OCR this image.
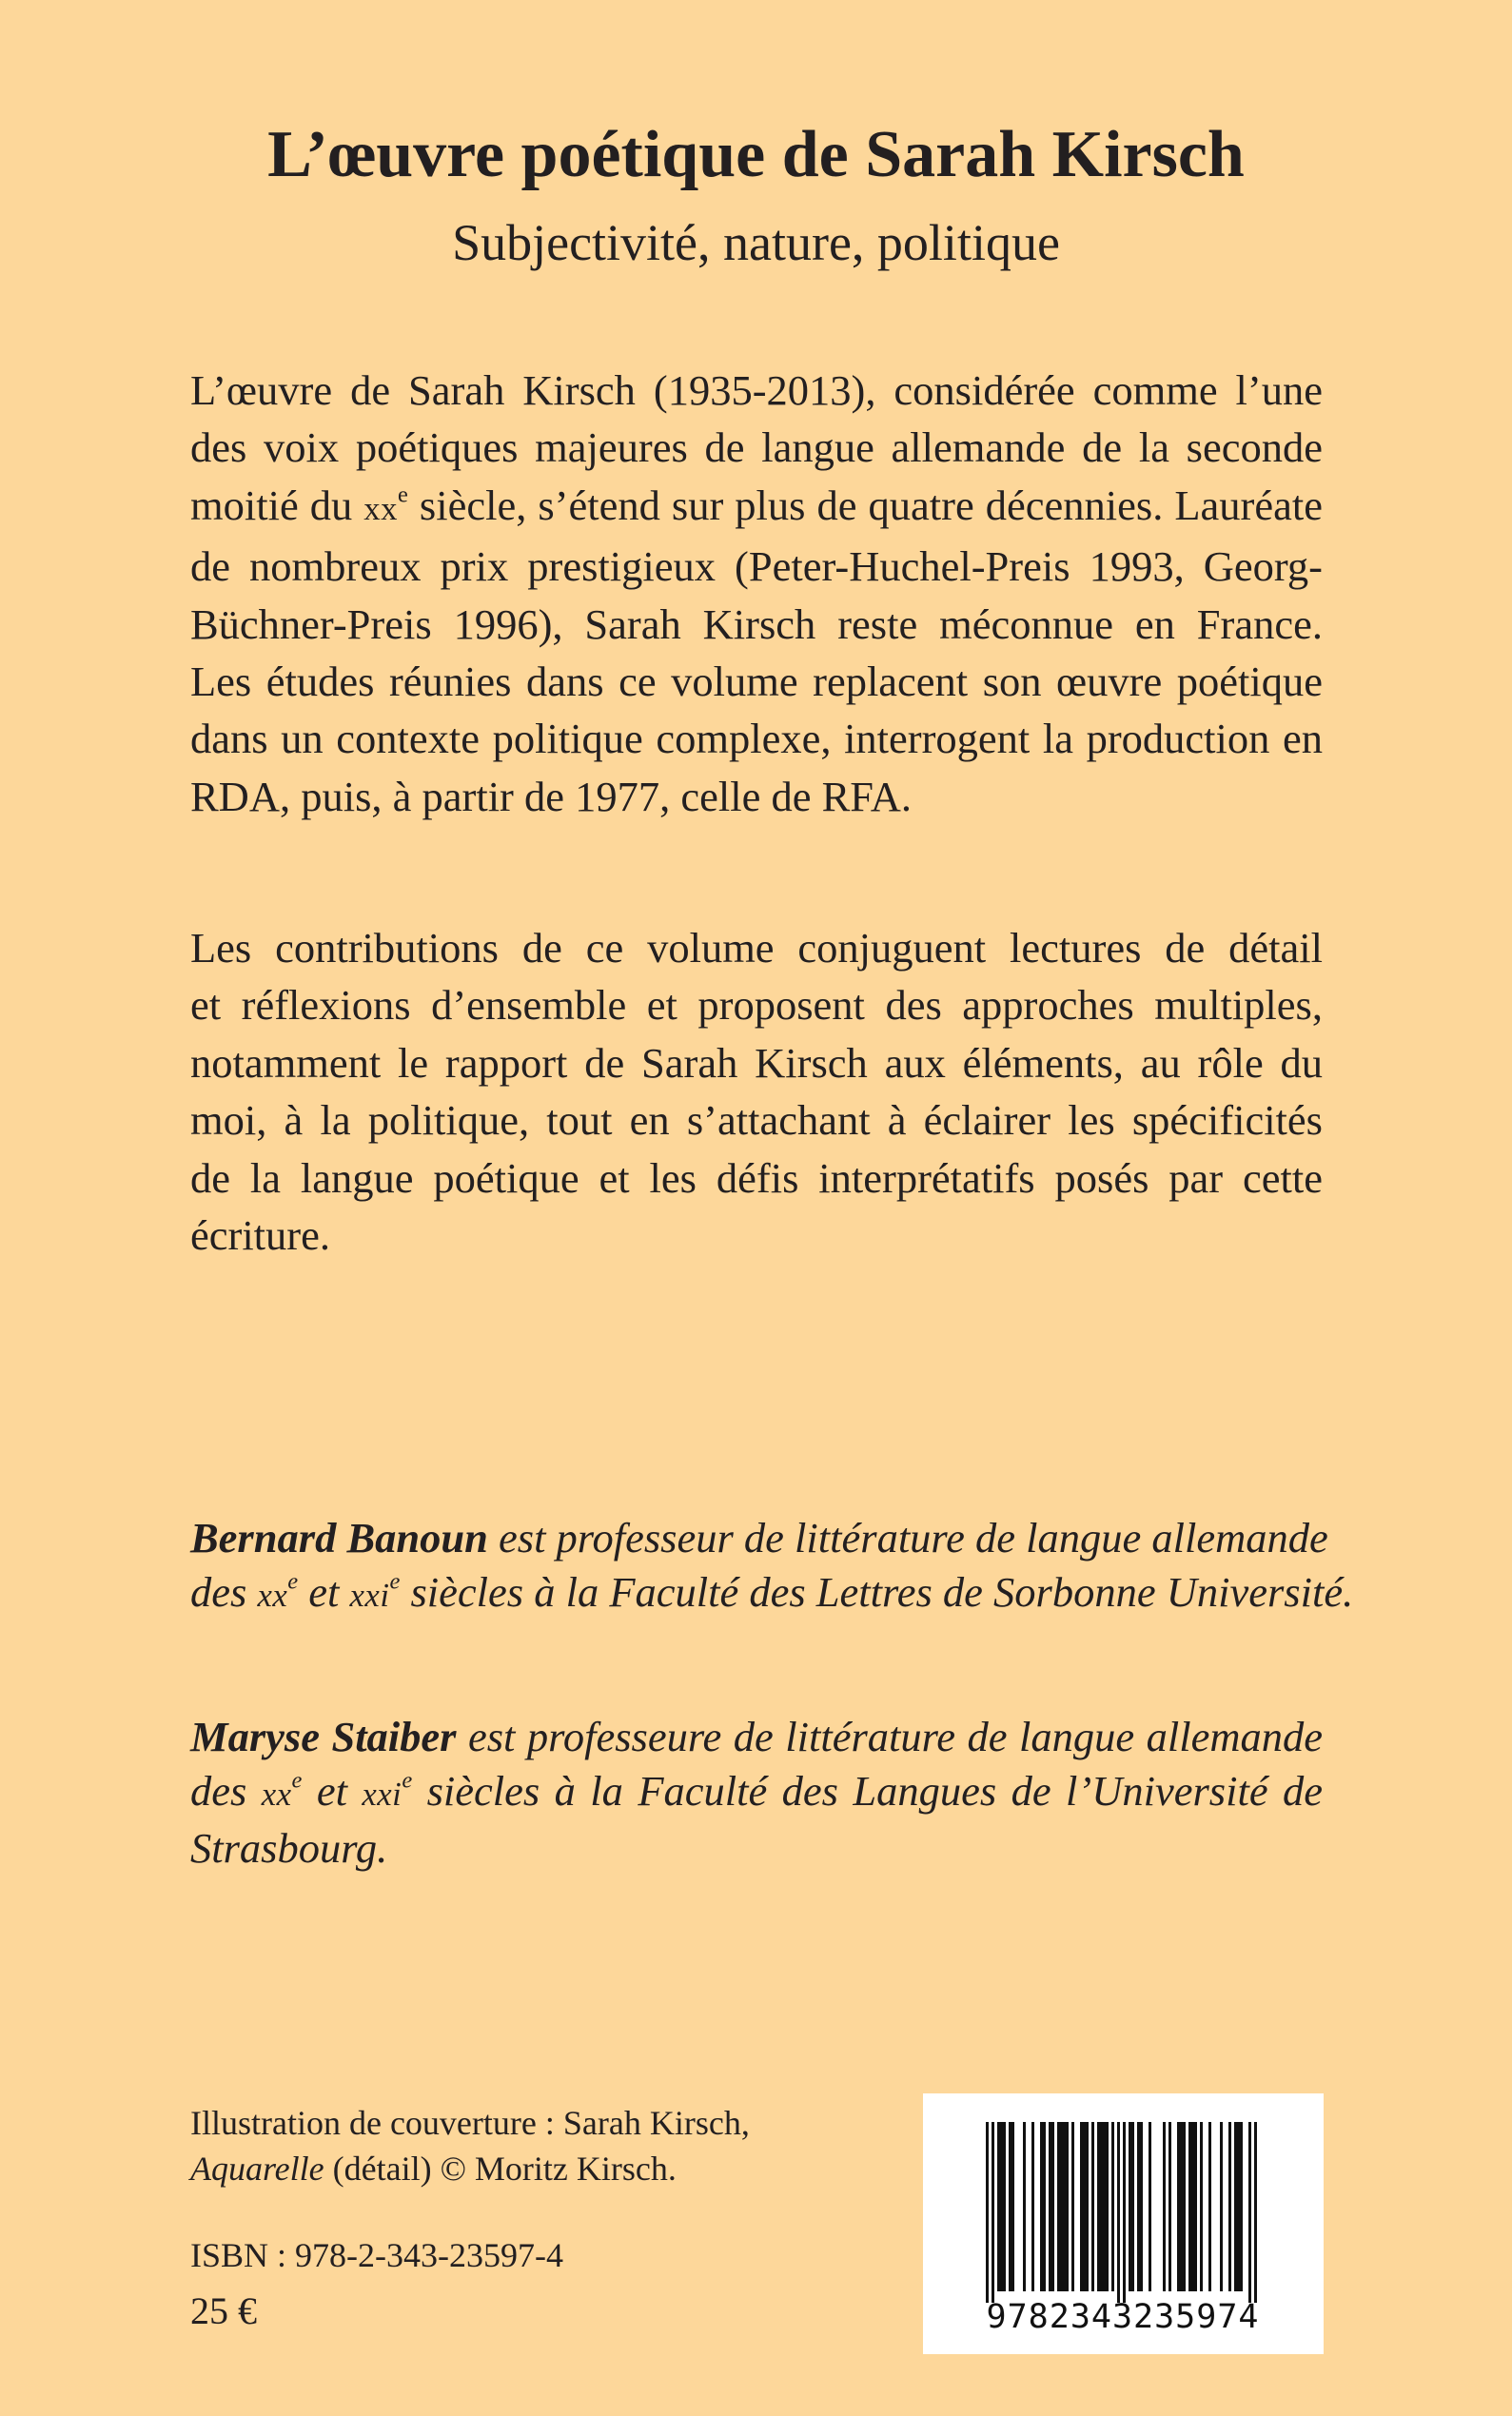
L’œuvre poétique de Sarah Kirsch
Subjectivité, nature, politique

L’œuvre de Sarah Kirsch (1935-2013), considérée comme l’une
des voix poétiques majeures de langue allemande de la seconde
moitié du $xx^e$ siècle, s’étend sur plus de quatre décennies. Lauréate
de nombreux prix prestigieux (Peter-Huchel-Preis 1993, Georg-
Büchner-Preis 1996), Sarah Kirsch reste méconnue en France.
Les études réunies dans ce volume replacent son œuvre poétique
dans un contexte politique complexe, interrogent la production en
RDA, puis, à partir de 1977, celle de RFA.

Les contributions de ce volume conjuguent lectures de détail
et réflexions d’ensemble et proposent des approches multiples,
notamment le rapport de Sarah Kirsch aux éléments, au rôle du
moi, à la politique, tout en s’attachant à éclairer les spécificités
de la langue poétique et les défis interprétatifs posés par cette
écriture.

Bernard Banoun est professeur de littérature de langue allemande
des $xx^e$ et xxi$^e$ siècles à la Faculté des Lettres de Sorbonne Université.

Maryse Staiber est professeure de littérature de langue allemande
des $xx^e$ et xxi$^e$ siècles à la Faculté des Langues de l’Université de
Strasbourg.

Illustration de couverture : Sarah Kirsch,
Aquarelle (détail) © Moritz Kirsch.
ISBN : 978-2-343-23597-4
25 €	9782343235974
